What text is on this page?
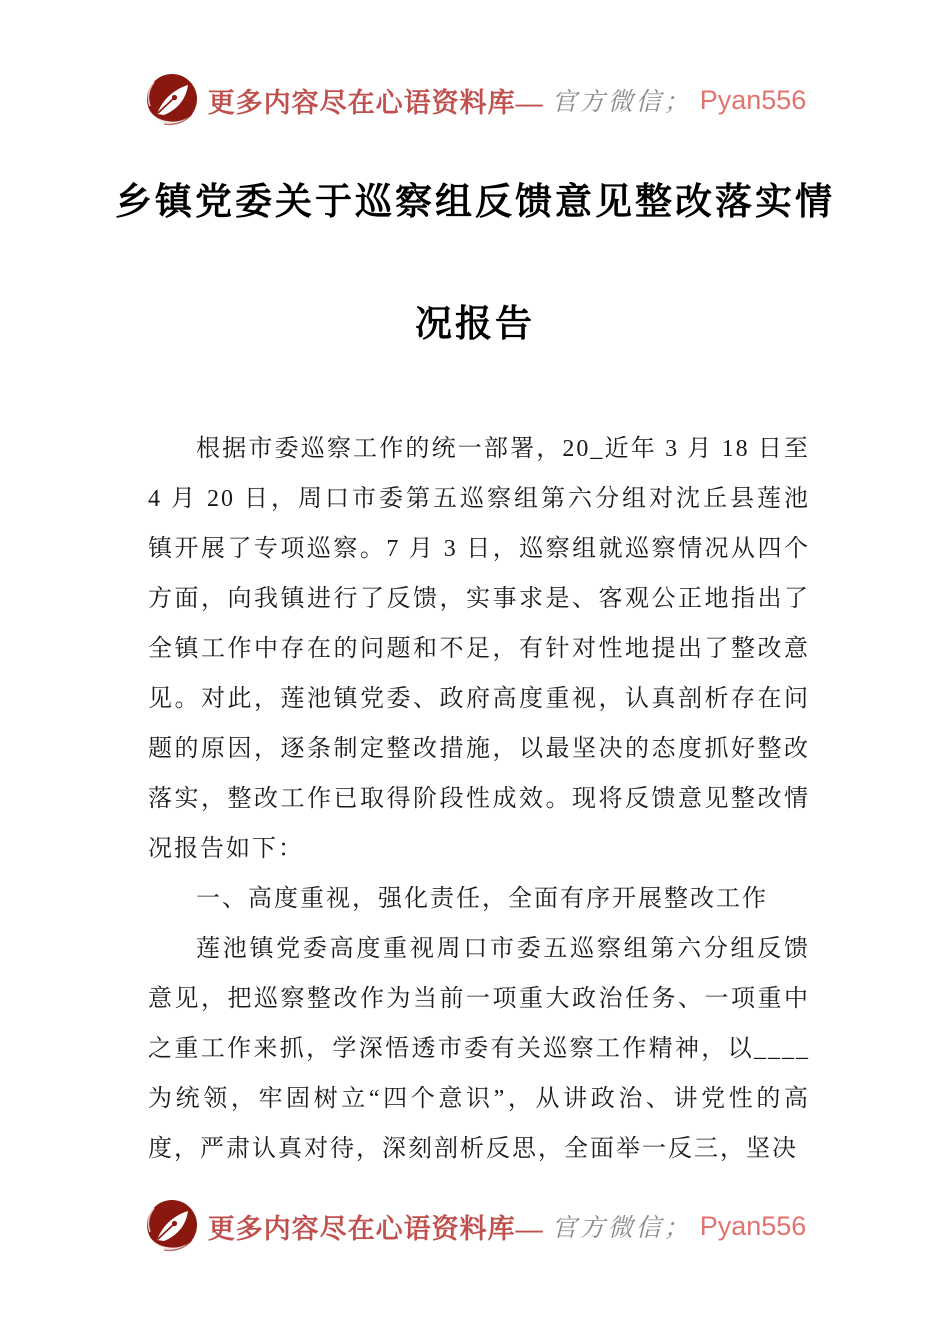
更多内容尽在心语资料库— 官方微信； Pyan556
乡镇党委关于巡察组反馈意见整改落实情
况报告

根据市委巡察工作的统一部署，20_近年 3 月 18 日至 4 月 20 日，周口市委第五巡察组第六分组对沈丘县莲池镇开展了专项巡察。7 月 3 日，巡察组就巡察情况从四个方面，向我镇进行了反馈，实事求是、客观公正地指出了全镇工作中存在的问题和不足，有针对性地提出了整改意见。对此，莲池镇党委、政府高度重视，认真剖析存在问题的原因，逐条制定整改措施，以最坚决的态度抓好整改落实，整改工作已取得阶段性成效。现将反馈意见整改情况报告如下：

一、高度重视，强化责任，全面有序开展整改工作

莲池镇党委高度重视周口市委五巡察组第六分组反馈意见，把巡察整改作为当前一项重大政治任务、一项重中之重工作来抓，学深悟透市委有关巡察工作精神，以____为统领，牢固树立“四个意识”，从讲政治、讲党性的高度，严肃认真对待，深刻剖析反思，全面举一反三，坚决

更多内容尽在心语资料库— 官方微信； Pyan556
